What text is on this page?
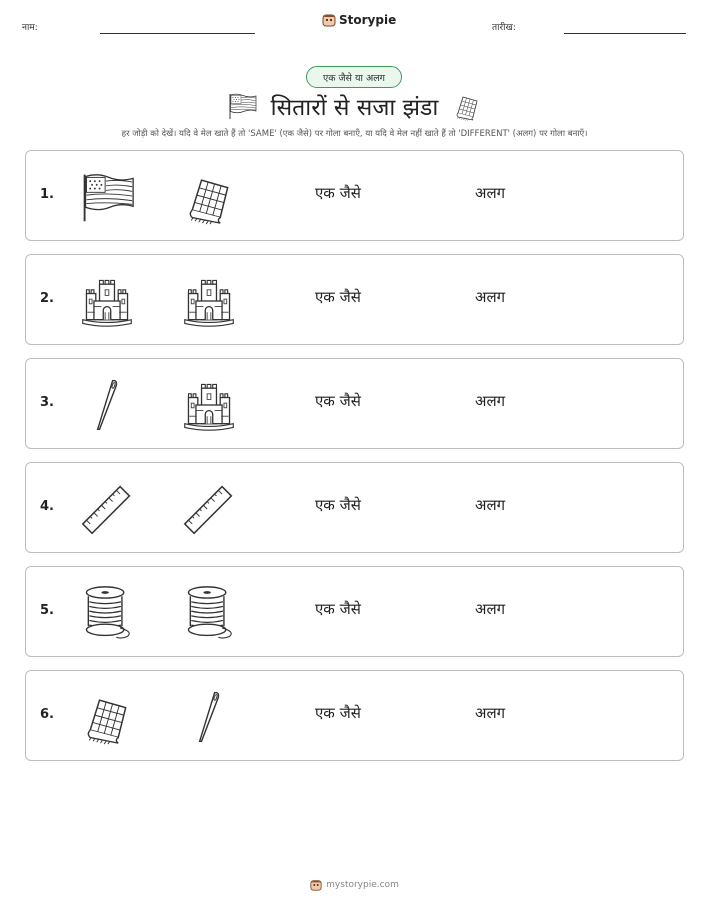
नाम:
Storypie
तारीख:
एक जैसे या अलग
सितारों से सजा झंडा
हर जोड़ी को देखें। यदि वे मेल खाते हैं तो 'SAME' (एक जैसे) पर गोला बनाएँ, या यदि वे मेल नहीं खाते हैं तो 'DIFFERENT' (अलग) पर गोला बनाएँ।
1.	एक जैसे	अलग
2.	एक जैसे	अलग
3.	एक जैसे	अलग
4.	एक जैसे	अलग
5.	एक जैसे	अलग
6.	एक जैसे	अलग
mystorypie.com
